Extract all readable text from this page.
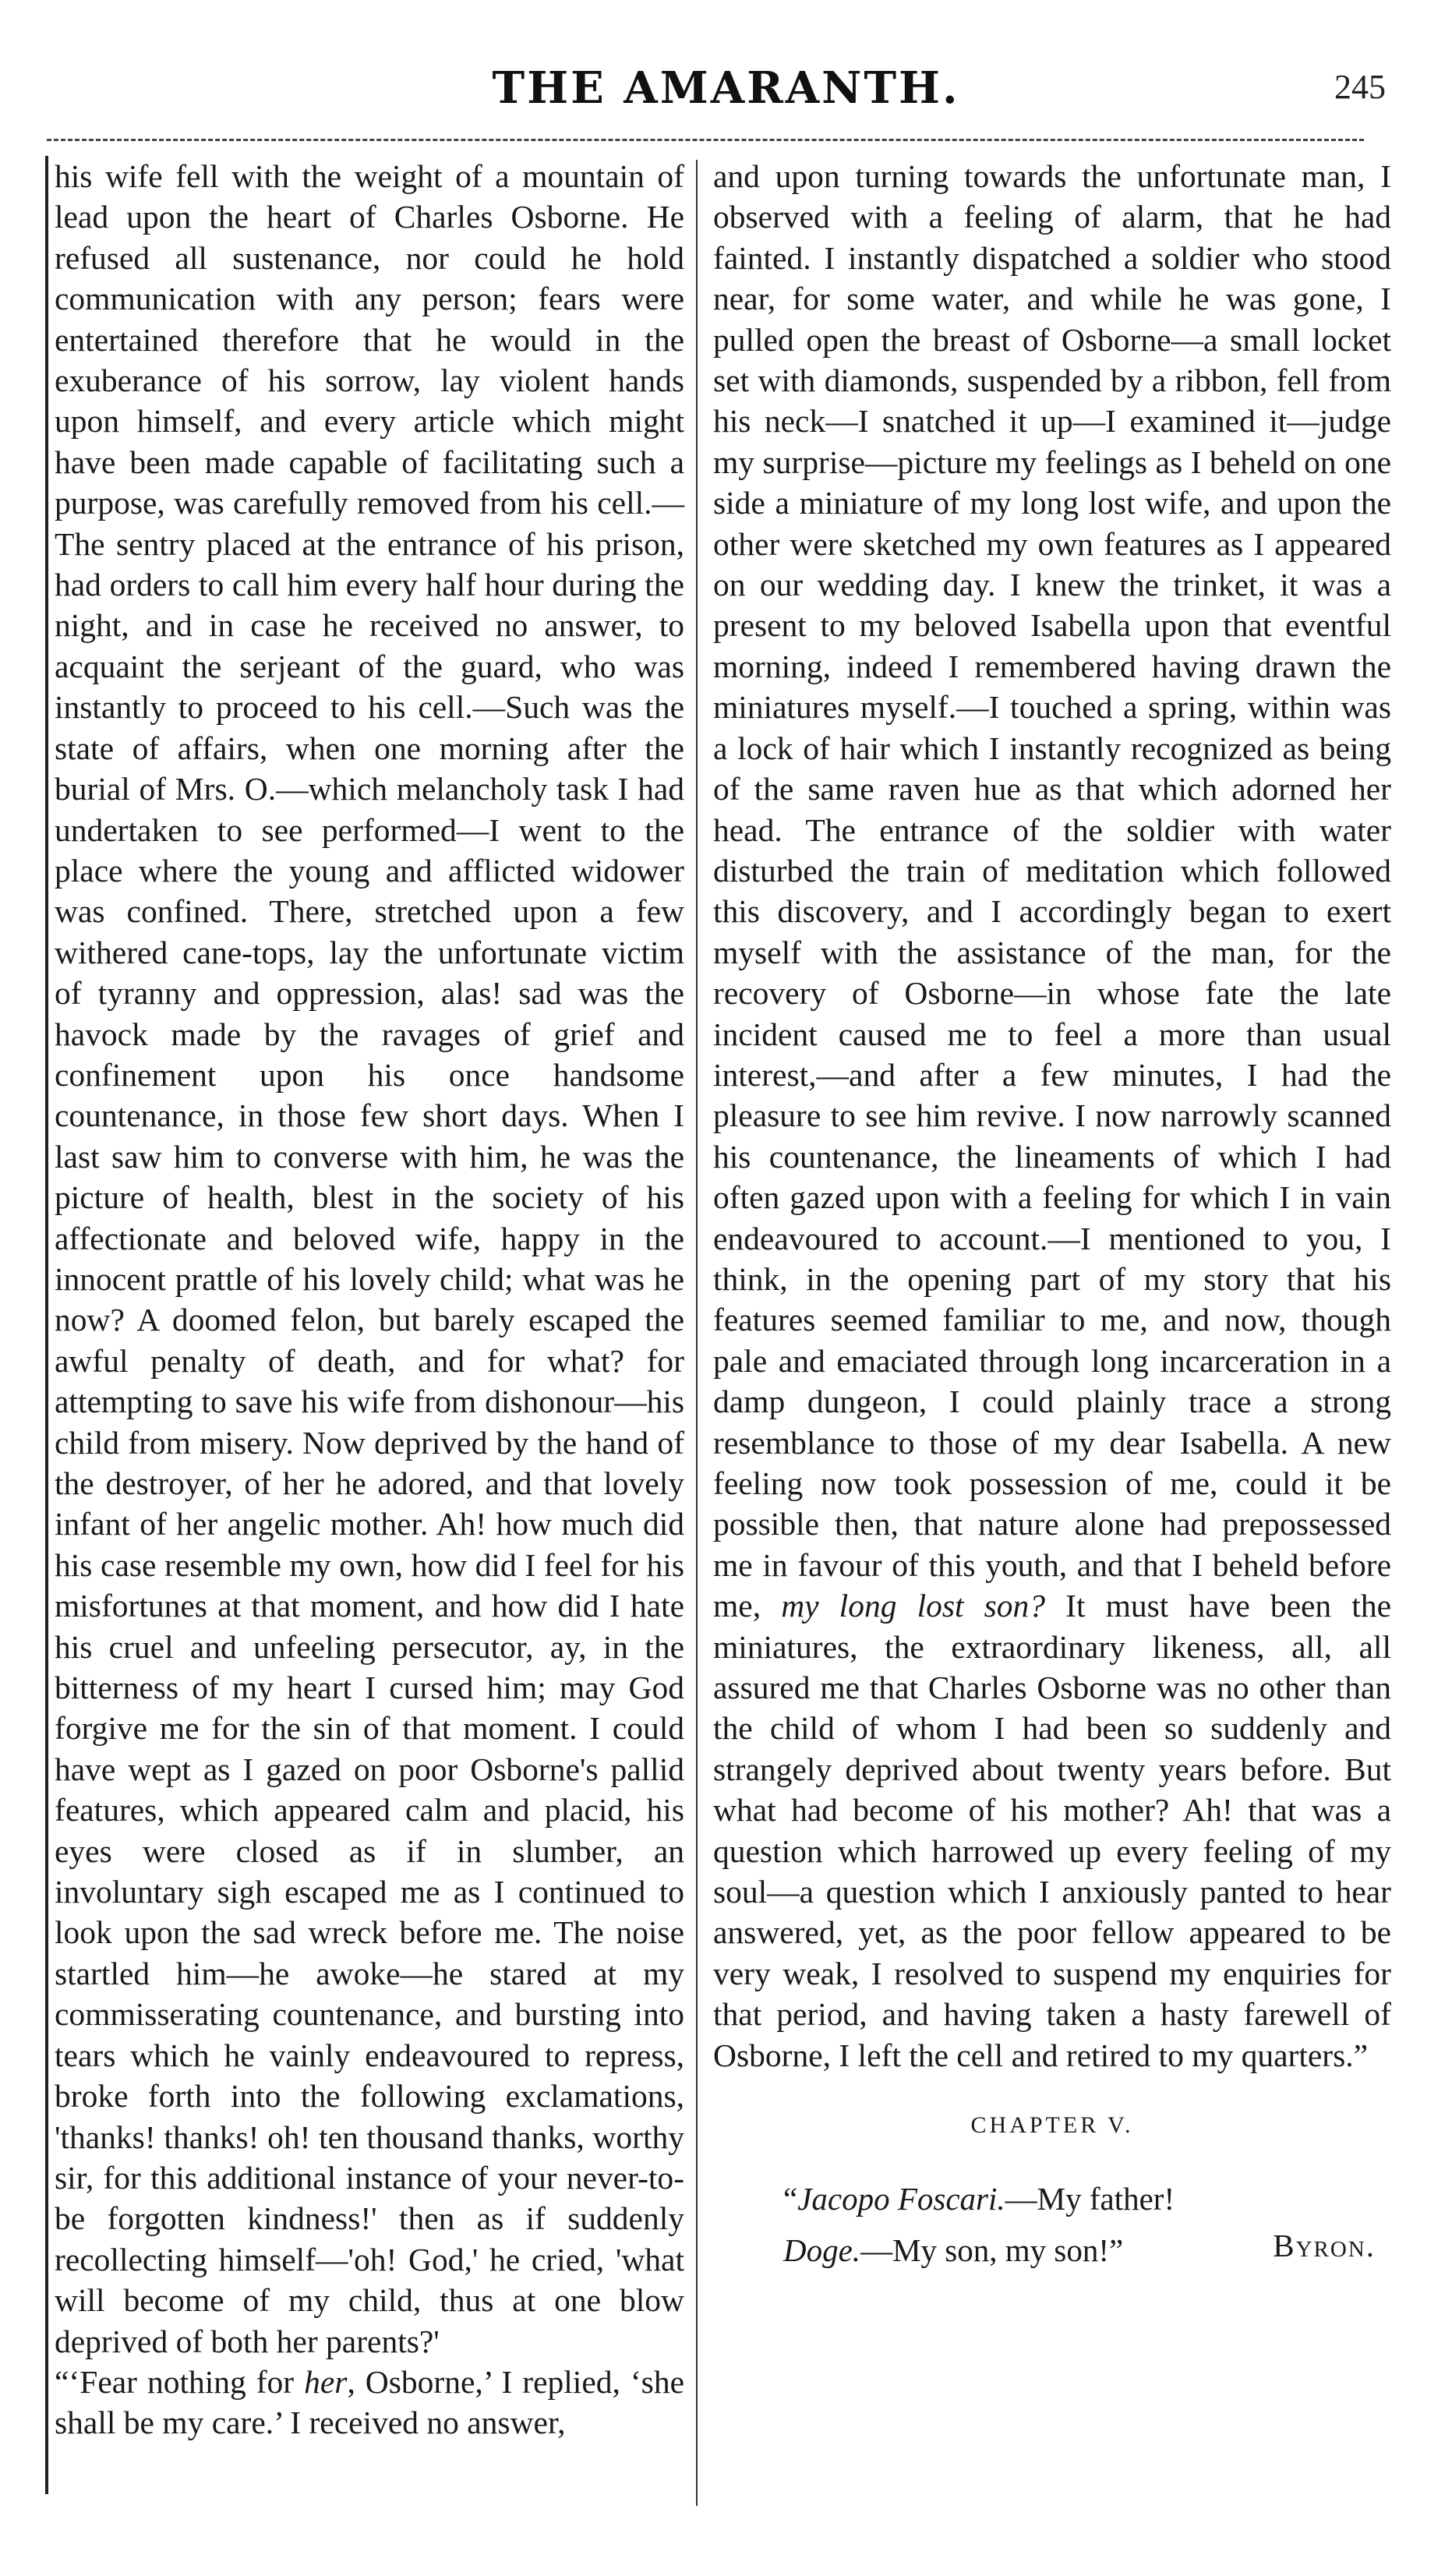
THE AMARANTH.	245

his wife fell with the weight of a mountain of lead upon the heart of Charles Osborne. He refused all sustenance, nor could he hold communication with any person; fears were entertained therefore that he would in the exuberance of his sorrow, lay violent hands upon himself, and every article which might have been made capable of facilitating such a purpose, was carefully removed from his cell.—The sentry placed at the entrance of his prison, had orders to call him every half hour during the night, and in case he received no answer, to acquaint the serjeant of the guard, who was instantly to proceed to his cell.—Such was the state of affairs, when one morning after the burial of Mrs. O.—which melancholy task I had undertaken to see performed—I went to the place where the young and afflicted widower was confined. There, stretched upon a few withered cane-tops, lay the unfortunate victim of tyranny and oppression, alas! sad was the havock made by the ravages of grief and confinement upon his once handsome countenance, in those few short days. When I last saw him to converse with him, he was the picture of health, blest in the society of his affectionate and beloved wife, happy in the innocent prattle of his lovely child; what was he now? A doomed felon, but barely escaped the awful penalty of death, and for what? for attempting to save his wife from dishonour—his child from misery. Now deprived by the hand of the destroyer, of her he adored, and that lovely infant of her angelic mother. Ah! how much did his case resemble my own, how did I feel for his misfortunes at that moment, and how did I hate his cruel and unfeeling persecutor, ay, in the bitterness of my heart I cursed him; may God forgive me for the sin of that moment. I could have wept as I gazed on poor Osborne's pallid features, which appeared calm and placid, his eyes were closed as if in slumber, an involuntary sigh escaped me as I continued to look upon the sad wreck before me. The noise startled him—he awoke—he stared at my commisserating countenance, and bursting into tears which he vainly endeavoured to repress, broke forth into the following exclamations, 'thanks! thanks! oh! ten thousand thanks, worthy sir, for this additional instance of your never-to-be forgotten kindness!' then as if suddenly recollecting himself—'oh! God,' he cried, 'what will become of my child, thus at one blow deprived of both her parents?'

“‘Fear nothing for her, Osborne,’ I replied, ‘she shall be my care.’ I received no answer,

and upon turning towards the unfortunate man, I observed with a feeling of alarm, that he had fainted. I instantly dispatched a soldier who stood near, for some water, and while he was gone, I pulled open the breast of Osborne—a small locket set with diamonds, suspended by a ribbon, fell from his neck—I snatched it up—I examined it—judge my surprise—picture my feelings as I beheld on one side a miniature of my long lost wife, and upon the other were sketched my own features as I appeared on our wedding day. I knew the trinket, it was a present to my beloved Isabella upon that eventful morning, indeed I remembered having drawn the miniatures myself.—I touched a spring, within was a lock of hair which I instantly recognized as being of the same raven hue as that which adorned her head. The entrance of the soldier with water disturbed the train of meditation which followed this discovery, and I accordingly began to exert myself with the assistance of the man, for the recovery of Osborne—in whose fate the late incident caused me to feel a more than usual interest,—and after a few minutes, I had the pleasure to see him revive. I now narrowly scanned his countenance, the lineaments of which I had often gazed upon with a feeling for which I in vain endeavoured to account.—I mentioned to you, I think, in the opening part of my story that his features seemed familiar to me, and now, though pale and emaciated through long incarceration in a damp dungeon, I could plainly trace a strong resemblance to those of my dear Isabella. A new feeling now took possession of me, could it be possible then, that nature alone had prepossessed me in favour of this youth, and that I beheld before me, my long lost son? It must have been the miniatures, the extraordinary likeness, all, all assured me that Charles Osborne was no other than the child of whom I had been so suddenly and strangely deprived about twenty years before. But what had become of his mother? Ah! that was a question which harrowed up every feeling of my soul—a question which I anxiously panted to hear answered, yet, as the poor fellow appeared to be very weak, I resolved to suspend my enquiries for that period, and having taken a hasty farewell of Osborne, I left the cell and retired to my quarters.”

CHAPTER V.
“Jacopo Foscari.—My father!
Doge.—My son, my son!”	Byron.
